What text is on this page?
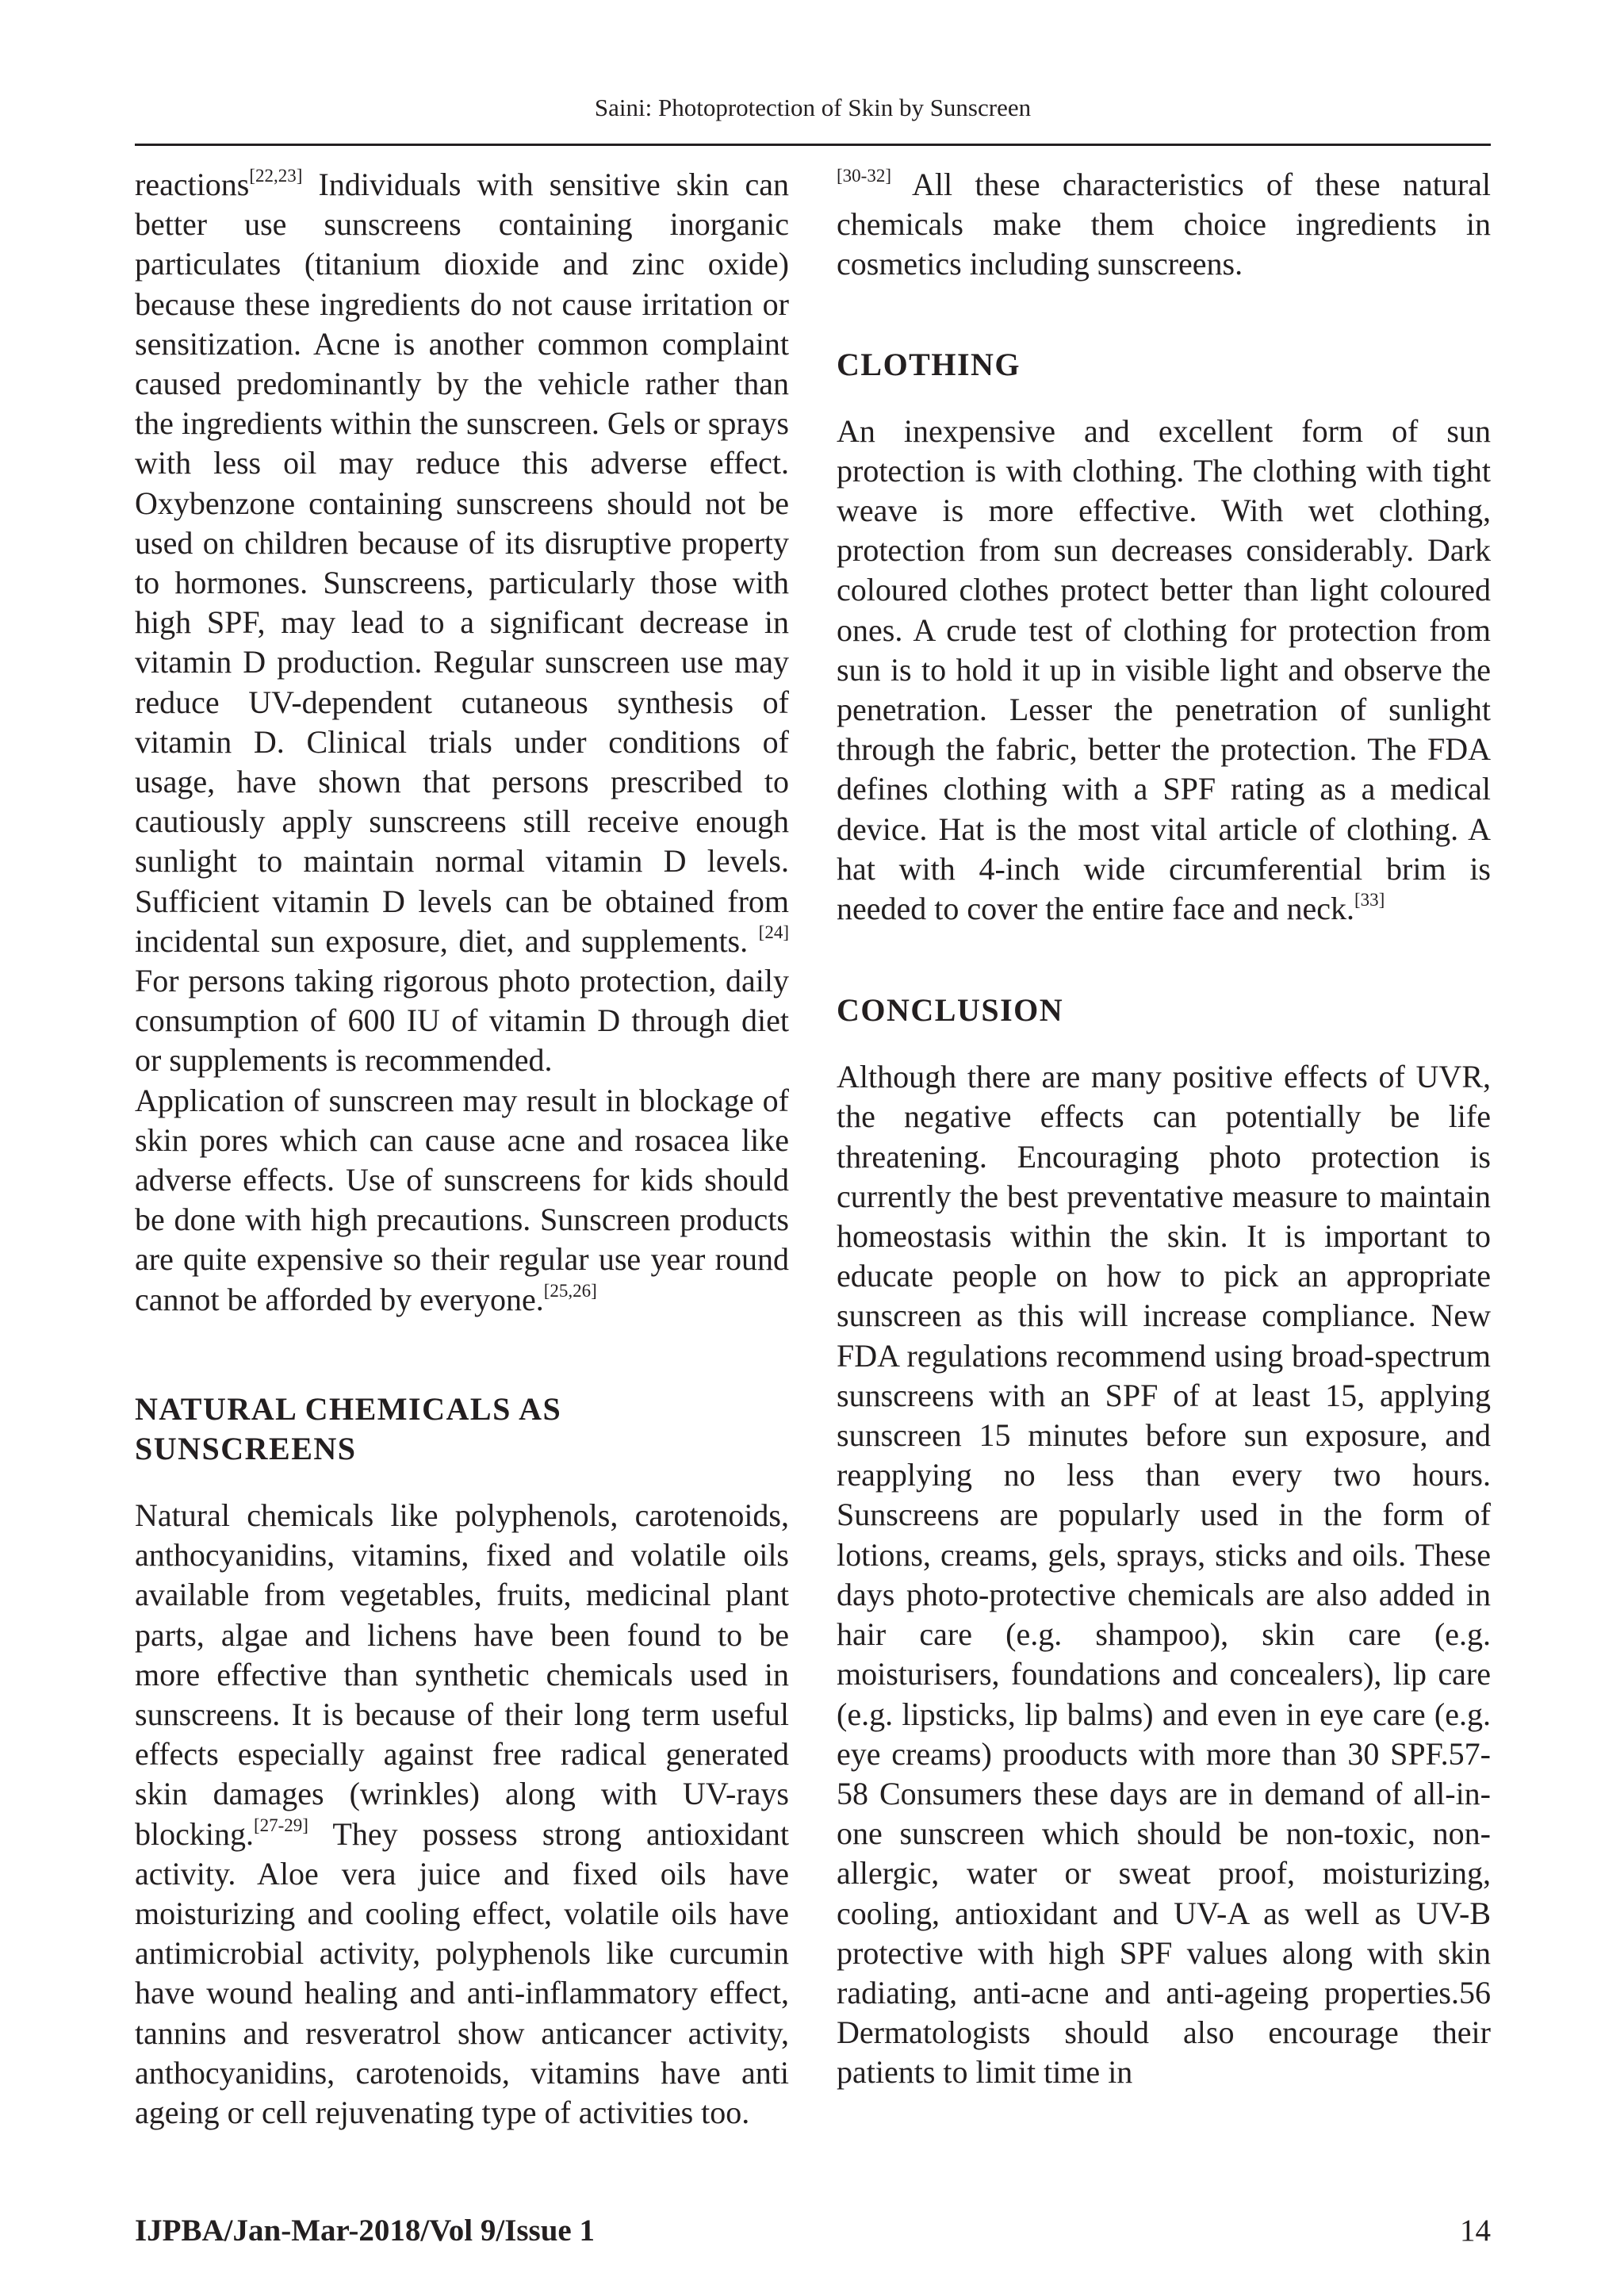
Saini: Photoprotection of Skin by Sunscreen

reactions[22,23] Individuals with sensitive skin can better use sunscreens containing inorganic particulates (titanium dioxide and zinc oxide) because these ingredients do not cause irritation or sensitization. Acne is another common complaint caused predominantly by the vehicle rather than the ingredients within the sunscreen. Gels or sprays with less oil may reduce this adverse effect. Oxybenzone containing sunscreens should not be used on children because of its disruptive property to hormones. Sunscreens, particularly those with high SPF, may lead to a significant decrease in vitamin D production. Regular sunscreen use may reduce UV-dependent cutaneous synthesis of vitamin D. Clinical trials under conditions of usage, have shown that persons prescribed to cautiously apply sunscreens still receive enough sunlight to maintain normal vitamin D levels. Sufficient vitamin D levels can be obtained from incidental sun exposure, diet, and supplements. [24] For persons taking rigorous photo protection, daily consumption of 600 IU of vitamin D through diet or supplements is recommended.

Application of sunscreen may result in blockage of skin pores which can cause acne and rosacea like adverse effects. Use of sunscreens for kids should be done with high precautions. Sunscreen products are quite expensive so their regular use year round cannot be afforded by everyone.[25,26]

NATURAL CHEMICALS AS SUNSCREENS

Natural chemicals like polyphenols, carotenoids, anthocyanidins, vitamins, fixed and volatile oils available from vegetables, fruits, medicinal plant parts, algae and lichens have been found to be more effective than synthetic chemicals used in sunscreens. It is because of their long term useful effects especially against free radical generated skin damages (wrinkles) along with UV-rays blocking.[27-29] They possess strong antioxidant activity. Aloe vera juice and fixed oils have moisturizing and cooling effect, volatile oils have antimicrobial activity, polyphenols like curcumin have wound healing and anti-inflammatory effect, tannins and resveratrol show anticancer activity, anthocyanidins, carotenoids, vitamins have anti ageing or cell rejuvenating type of activities too.

[30-32] All these characteristics of these natural chemicals make them choice ingredients in cosmetics including sunscreens.

CLOTHING

An inexpensive and excellent form of sun protection is with clothing. The clothing with tight weave is more effective. With wet clothing, protection from sun decreases considerably. Dark coloured clothes protect better than light coloured ones. A crude test of clothing for protection from sun is to hold it up in visible light and observe the penetration. Lesser the penetration of sunlight through the fabric, better the protection. The FDA defines clothing with a SPF rating as a medical device. Hat is the most vital article of clothing. A hat with 4-inch wide circumferential brim is needed to cover the entire face and neck.[33]

CONCLUSION

Although there are many positive effects of UVR, the negative effects can potentially be life threatening. Encouraging photo protection is currently the best preventative measure to maintain homeostasis within the skin. It is important to educate people on how to pick an appropriate sunscreen as this will increase compliance. New FDA regulations recommend using broad-spectrum sunscreens with an SPF of at least 15, applying sunscreen 15 minutes before sun exposure, and reapplying no less than every two hours. Sunscreens are popularly used in the form of lotions, creams, gels, sprays, sticks and oils. These days photo-protective chemicals are also added in hair care (e.g. shampoo), skin care (e.g. moisturisers, foundations and concealers), lip care (e.g. lipsticks, lip balms) and even in eye care (e.g. eye creams) prooducts with more than 30 SPF.57-58 Consumers these days are in demand of all-in-one sunscreen which should be non-toxic, non-allergic, water or sweat proof, moisturizing, cooling, antioxidant and UV-A as well as UV-B protective with high SPF values along with skin radiating, anti-acne and anti-ageing properties.56 Dermatologists should also encourage their patients to limit time in

IJPBA/Jan-Mar-2018/Vol 9/Issue 1	14
